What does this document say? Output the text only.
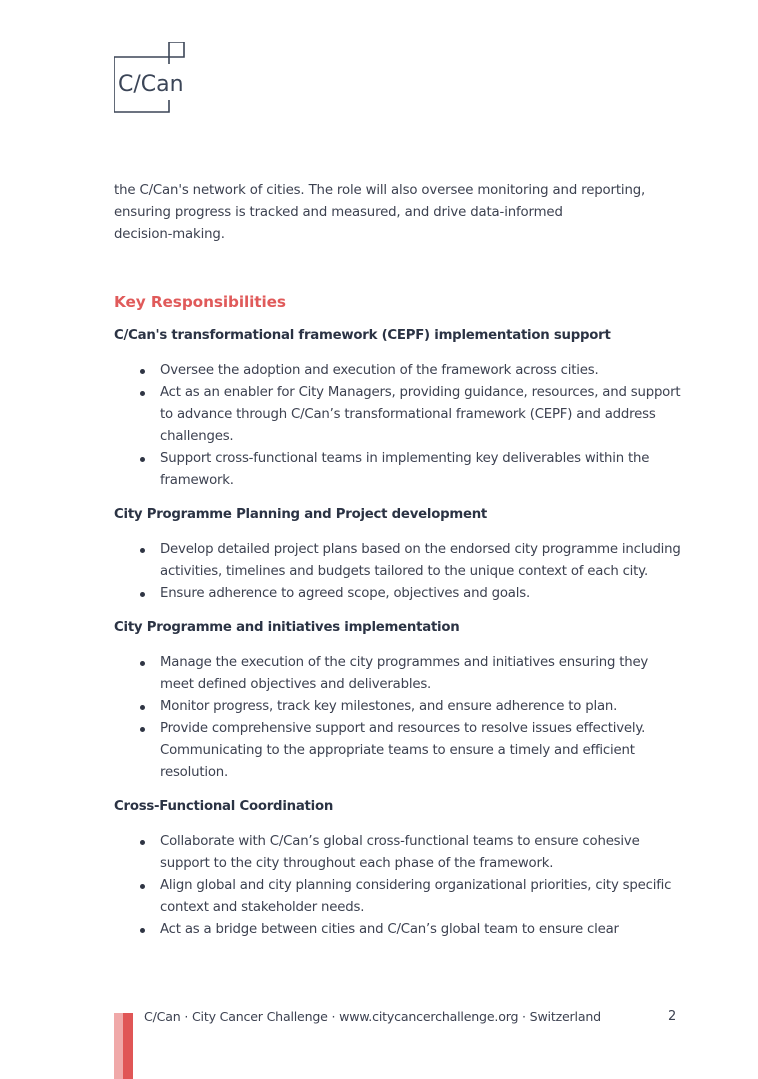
C/Can

the C/Can's network of cities. The role will also oversee monitoring and reporting,
ensuring progress is tracked and measured, and drive data-informed
decision-making.

Key Responsibilities
C/Can's transformational framework (CEPF) implementation support
Oversee the adoption and execution of the framework across cities.
Act as an enabler for City Managers, providing guidance, resources, and support to advance through C/Can’s transformational framework (CEPF) and address challenges.
Support cross-functional teams in implementing key deliverables within the framework.
City Programme Planning and Project development
Develop detailed project plans based on the endorsed city programme including activities, timelines and budgets tailored to the unique context of each city.
Ensure adherence to agreed scope, objectives and goals.
City Programme and initiatives implementation
Manage the execution of the city programmes and initiatives ensuring they meet defined objectives and deliverables.
Monitor progress, track key milestones, and ensure adherence to plan.
Provide comprehensive support and resources to resolve issues effectively. Communicating to the appropriate teams to ensure a timely and efficient resolution.
Cross-Functional Coordination
Collaborate with C/Can’s global cross-functional teams to ensure cohesive support to the city throughout each phase of the framework.
Align global and city planning considering organizational priorities, city specific context and stakeholder needs.
Act as a bridge between cities and C/Can’s global team to ensure clear
C/Can · City Cancer Challenge · www.citycancerchallenge.org · Switzerland	2
